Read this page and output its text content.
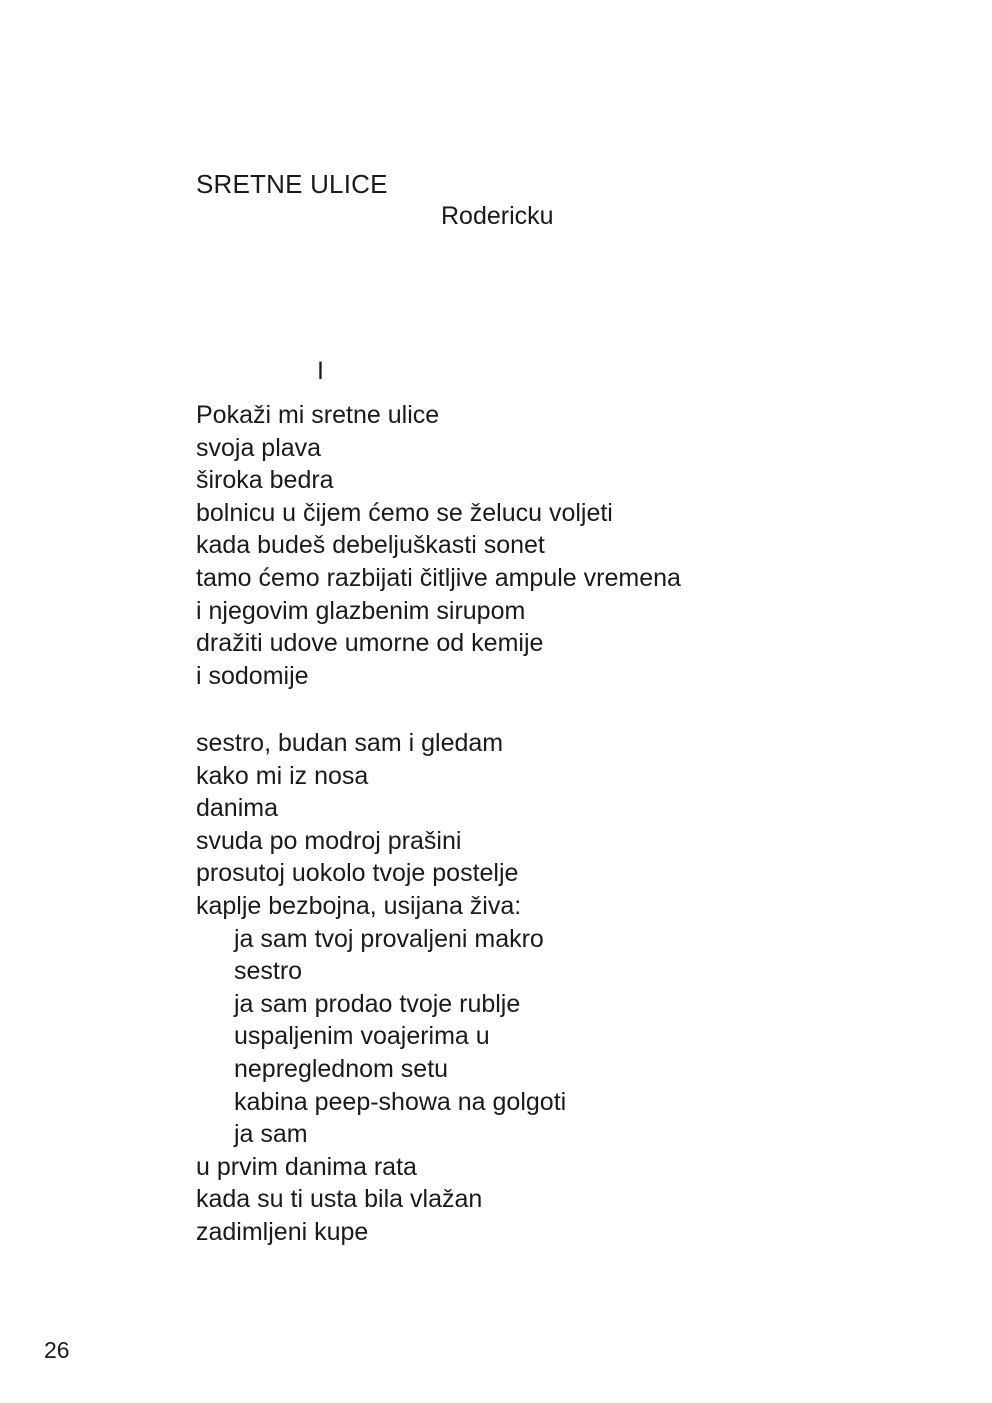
SRETNE ULICE
Rodericku
I
Pokaži mi sretne ulice
svoja plava
široka bedra
bolnicu u čijem ćemo se želucu voljeti
kada budeš debeljuškasti sonet
tamo ćemo razbijati čitljive ampule vremena
i njegovim glazbenim sirupom
dražiti udove umorne od kemije
i sodomije
sestro, budan sam i gledam
kako mi iz nosa
danima
svuda po modroj prašini
prosutoj uokolo tvoje postelje
kaplje bezbojna, usijana živa:
ja sam tvoj provaljeni makro
sestro
ja sam prodao tvoje rublje
uspaljenim voajerima u
nepreglednom setu
kabina peep-showa na golgoti
ja sam
u prvim danima rata
kada su ti usta bila vlažan
zadimljeni kupe
26
